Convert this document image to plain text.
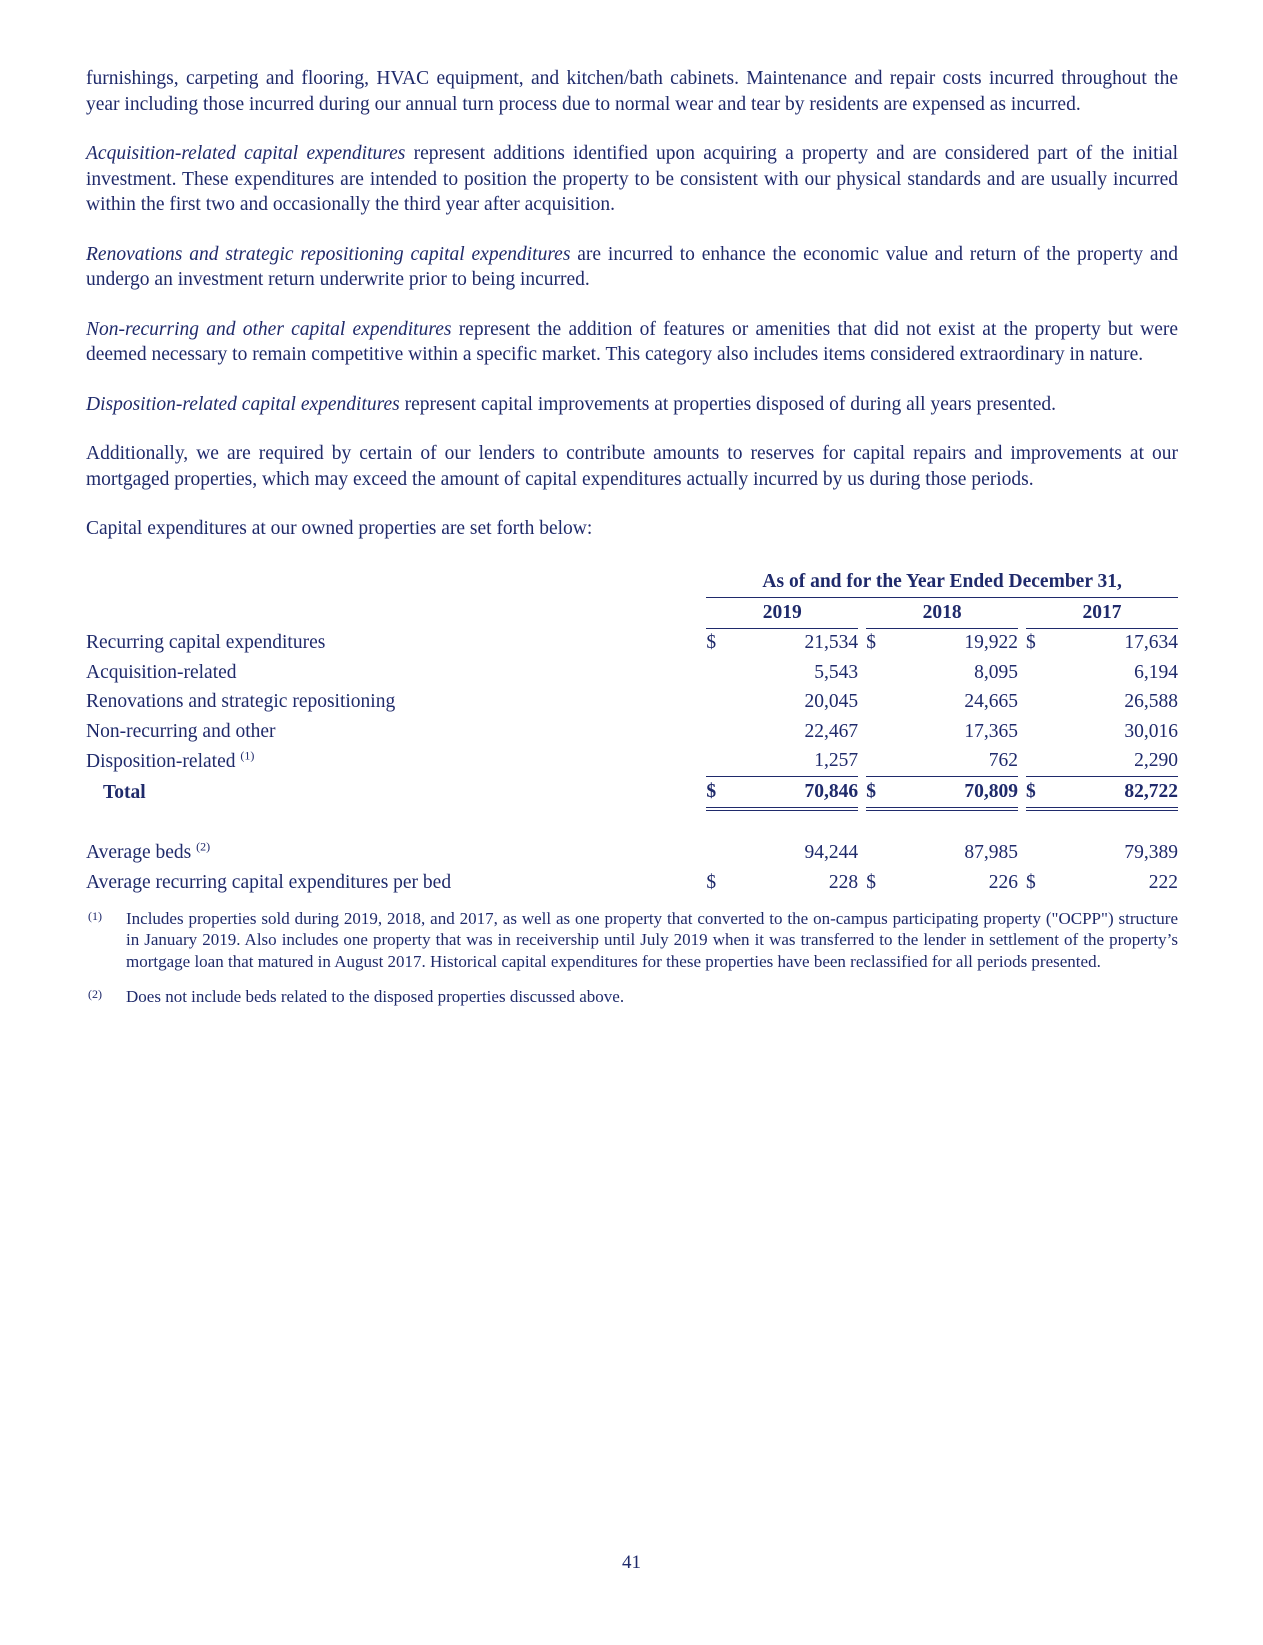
furnishings, carpeting and flooring, HVAC equipment, and kitchen/bath cabinets. Maintenance and repair costs incurred throughout the year including those incurred during our annual turn process due to normal wear and tear by residents are expensed as incurred.

Acquisition-related capital expenditures represent additions identified upon acquiring a property and are considered part of the initial investment. These expenditures are intended to position the property to be consistent with our physical standards and are usually incurred within the first two and occasionally the third year after acquisition.

Renovations and strategic repositioning capital expenditures are incurred to enhance the economic value and return of the property and undergo an investment return underwrite prior to being incurred.

Non-recurring and other capital expenditures represent the addition of features or amenities that did not exist at the property but were deemed necessary to remain competitive within a specific market. This category also includes items considered extraordinary in nature.

Disposition-related capital expenditures represent capital improvements at properties disposed of during all years presented.

Additionally, we are required by certain of our lenders to contribute amounts to reserves for capital repairs and improvements at our mortgaged properties, which may exceed the amount of capital expenditures actually incurred by us during those periods.

Capital expenditures at our owned properties are set forth below:

	As of and for the Year Ended December 31,							
	2019			2018			2017	
Recurring capital expenditures	$	21,534		$	19,922		$	17,634
Acquisition-related		5,543			8,095			6,194
Renovations and strategic repositioning		20,045			24,665			26,588
Non-recurring and other		22,467			17,365			30,016
Disposition-related $^{(1)}$		1,257			762			2,290
Total	$	70,846		$	70,809		$	82,722

Average beds $^{(2)}$		94,244			87,985			79,389
Average recurring capital expenditures per bed	$	228		$	226		$	222
(1)	Includes properties sold during 2019, 2018, and 2017, as well as one property that converted to the on-campus participating property ("OCPP") structure in January 2019. Also includes one property that was in receivership until July 2019 when it was transferred to the lender in settlement of the property’s mortgage loan that matured in August 2017. Historical capital expenditures for these properties have been reclassified for all periods presented.
(2)	Does not include beds related to the disposed properties discussed above.
41
